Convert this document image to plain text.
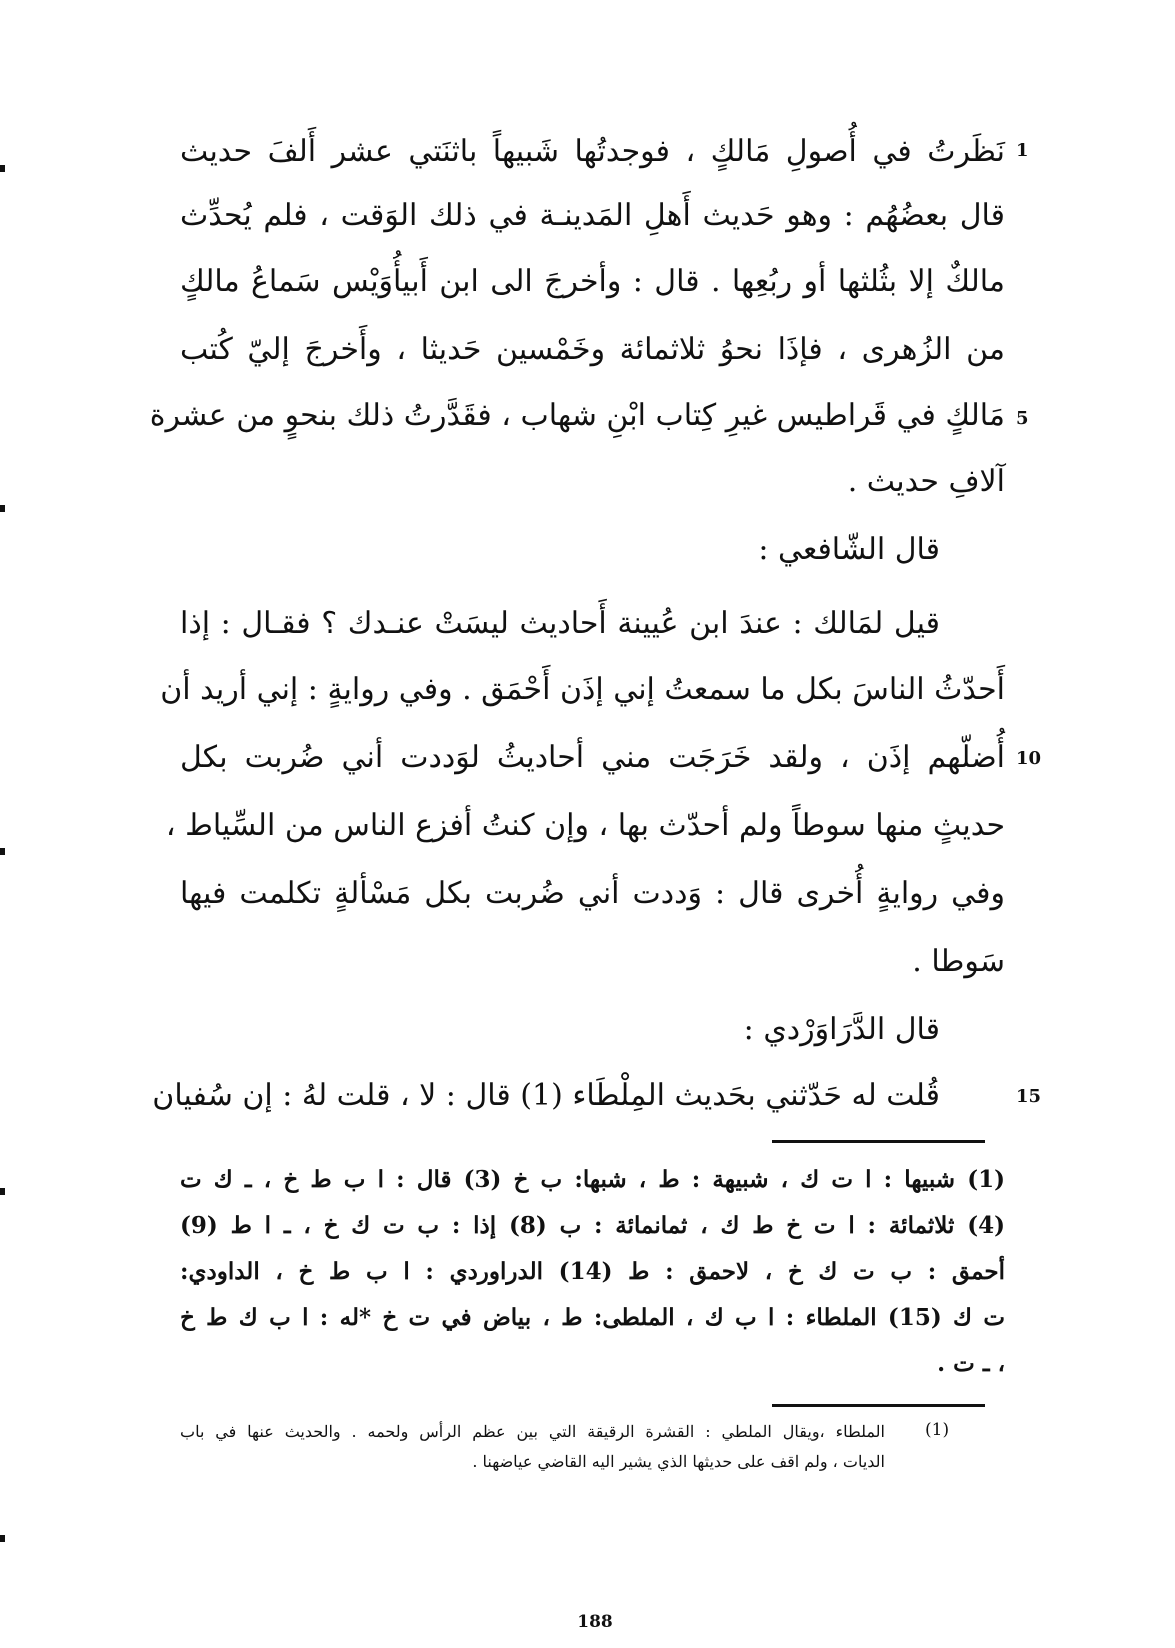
نَظَرتُ في أُصولِ مَالكٍ ، فوجدتُها شَبيهاً باثنَتي عشر أَلفَ حديث 1
قال بعضُهُم : وهو حَديث أَهلِ المَدينـة في ذلك الوَقت ، فلم يُحدِّث
مالكٌ إلا بثُلثها أو ربُعِها . قال : وأخرجَ الى ابن أَبيأُوَيْس سَماعُ مالكٍ
من الزُهرى ، فإذَا نحوُ ثلاثمائة وخَمْسين حَديثا ، وأَخرجَ إليّ كُتب
مَالكٍ في قَراطيس غيرِ كِتاب ابْنِ شهاب ، فقَدَّرتُ ذلك بنحوٍ من عشرة 5
آلافِ حديث .
قال الشّافعي :
قيل لمَالك : عندَ ابن عُيينة أَحاديث ليسَتْ عنـدك ؟ فقـال : إذا
أَحدّثُ الناسَ بكل ما سمعتُ إني إذَن أَحْمَق . وفي روايةٍ : إني أريد أن
أُضلّهم إذَن ، ولقد خَرَجَت مني أحاديثُ لوَددت أني ضُربت بكل 10
حديثٍ منها سوطاً ولم أحدّث بها ، وإن كنتُ أفزع الناس من السِّياط ،
وفي روايةٍ أُخرى قال : وَددت أني ضُربت بكل مَسْألةٍ تكلمت فيها
سَوطا .
قال الدَّرَاوَرْدي :
قُلت له حَدّثني بحَديث المِلْطَاء (1) قال : لا ، قلت لهُ : إن سُفيان	15
(1) شبيها : ا ت ك ، شبيهة : ط ، شبها: ب خ (3) قال : ا ب ط خ ، ـ ك ت
(4) ثلاثمائة : ا ت خ ط ك ، ثمانمائة : ب (8) إذا : ب ت ك خ ، ـ ا ط (9)
أحمق : ب ت ك خ ، لاحمق : ط (14) الدراوردي : ا ب ط خ ، الداودي:
ت ك (15) الملطاء : ا ب ك ، الملطى: ط ، بياض في ت خ *له : ا ب ك ط خ
، ـ ت .
(1)
الملطاء ،ويقال الملطي : القشرة الرقيقة التي بين عظم الرأس ولحمه . والحديث عنها في باب
الديات ، ولم اقف على حديثها الذي يشير اليه القاضي عياضهنا .
188
